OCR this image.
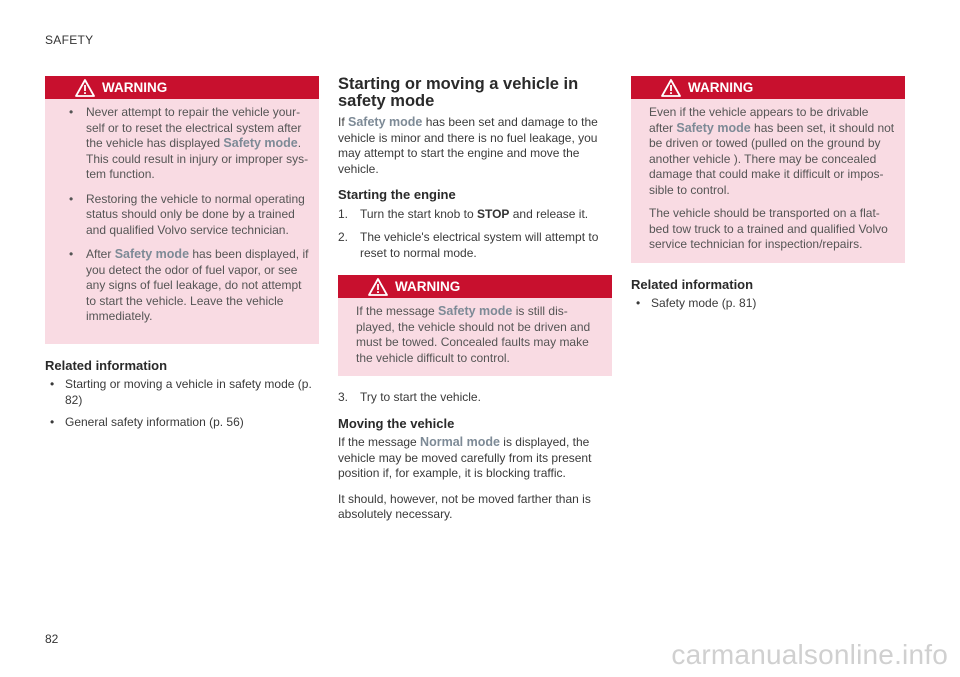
SAFETY
WARNING
• Never attempt to repair the vehicle your-self or to reset the electrical system after the vehicle has displayed Safety mode. This could result in injury or improper sys-tem function.
• Restoring the vehicle to normal operating status should only be done by a trained and qualified Volvo service technician.
• After Safety mode has been displayed, if you detect the odor of fuel vapor, or see any signs of fuel leakage, do not attempt to start the vehicle. Leave the vehicle immediately.
Related information
• Starting or moving a vehicle in safety mode (p. 82)
• General safety information (p. 56)
Starting or moving a vehicle in safety mode

If Safety mode has been set and damage to the vehicle is minor and there is no fuel leakage, you may attempt to start the engine and move the vehicle.

Starting the engine
1. Turn the start knob to STOP and release it.
2. The vehicle's electrical system will attempt to reset to normal mode.
WARNING

If the message Safety mode is still dis-played, the vehicle should not be driven and must be towed. Concealed faults may make the vehicle difficult to control.

3. Try to start the vehicle.
Moving the vehicle

If the message Normal mode is displayed, the vehicle may be moved carefully from its present position if, for example, it is blocking traffic.

It should, however, not be moved farther than is absolutely necessary.

WARNING

Even if the vehicle appears to be drivable after Safety mode has been set, it should not be driven or towed (pulled on the ground by another vehicle ). There may be concealed damage that could make it difficult or impos-sible to control.

The vehicle should be transported on a flat-bed tow truck to a trained and qualified Volvo service technician for inspection/repairs.

Related information
• Safety mode (p. 81)
82	carmanualsonline.info
